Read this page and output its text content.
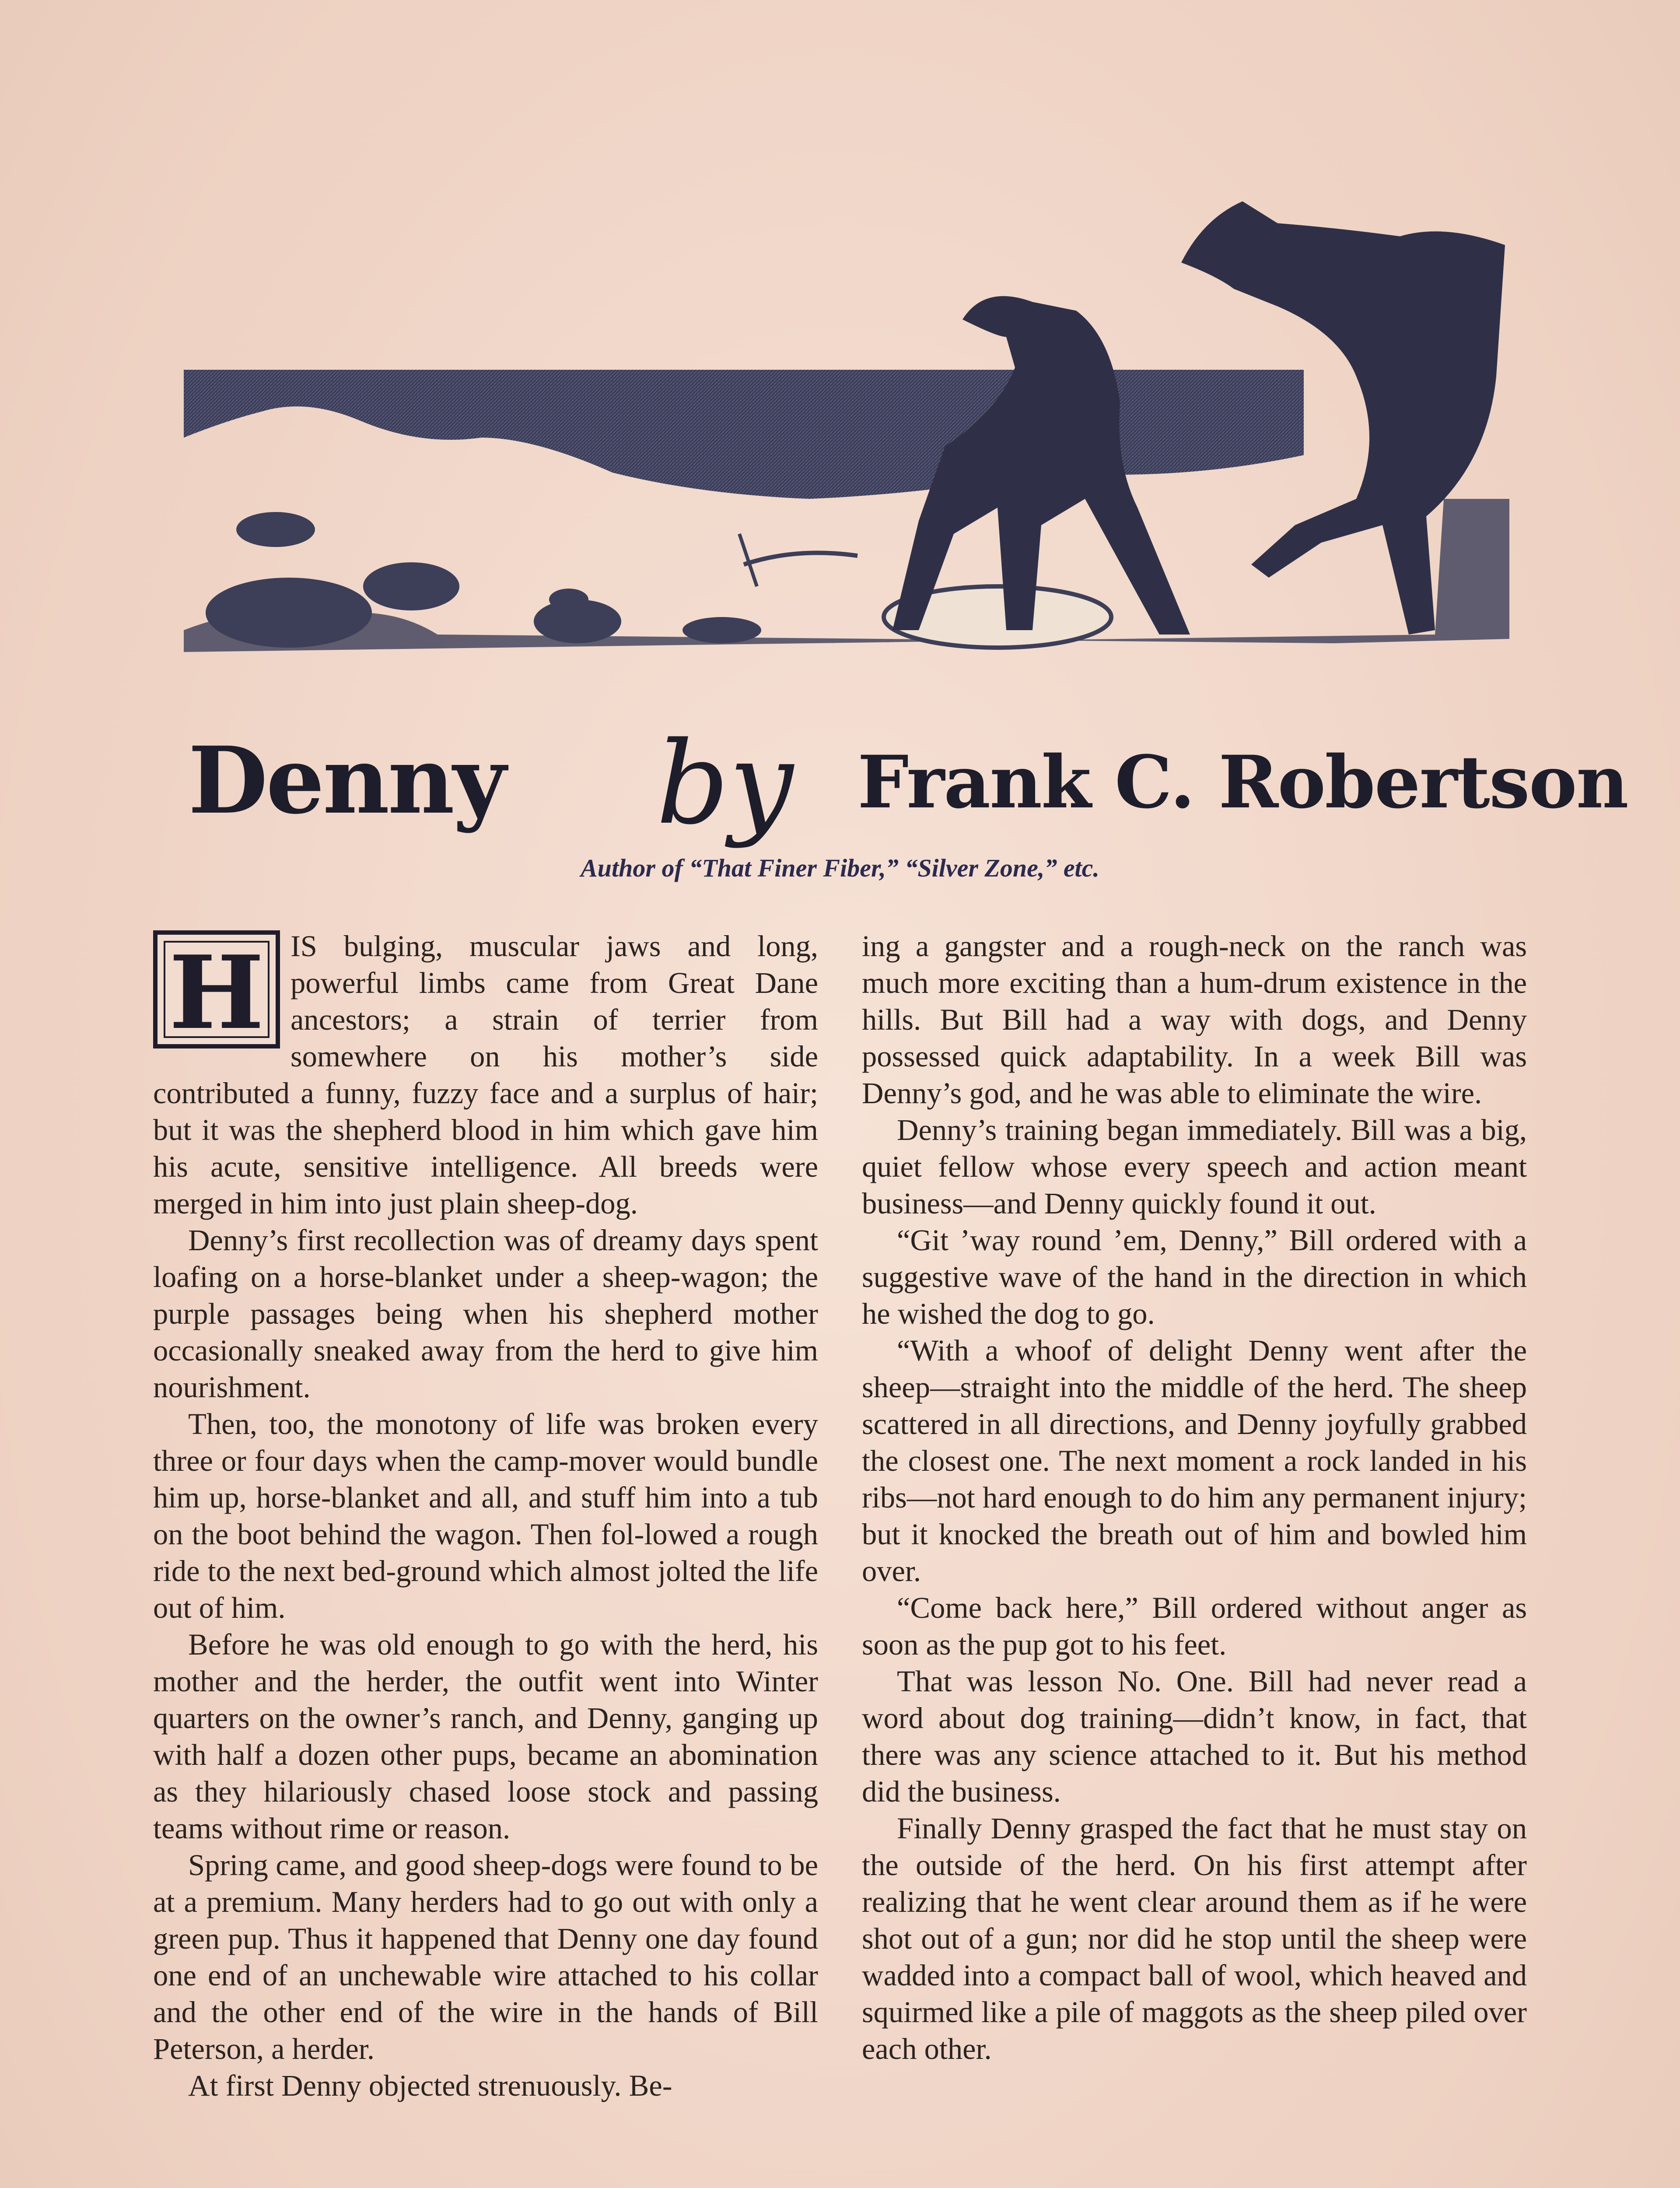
Denny by Frank C. Robertson
Author of “That Finer Fiber,” “Silver Zone,” etc.

H IS bulging, muscular jaws and long, powerful limbs came from Great Dane ancestors; a strain of terrier from somewhere on his mother’s side contributed a funny, fuzzy face and a surplus of hair; but it was the shepherd blood in him which gave him his acute, sensitive intelligence. All breeds were merged in him into just plain sheep-dog.

Denny’s first recollection was of dreamy days spent loafing on a horse-blanket under a sheep-wagon; the purple passages being when his shepherd mother occasionally sneaked away from the herd to give him nourishment.

Then, too, the monotony of life was broken every three or four days when the camp-mover would bundle him up, horse-blanket and all, and stuff him into a tub on the boot behind the wagon. Then fol-lowed a rough ride to the next bed-ground which almost jolted the life out of him.

Before he was old enough to go with the herd, his mother and the herder, the outfit went into Winter quarters on the owner’s ranch, and Denny, ganging up with half a dozen other pups, became an abomination as they hilariously chased loose stock and passing teams without rime or reason.

Spring came, and good sheep-dogs were found to be at a premium. Many herders had to go out with only a green pup. Thus it happened that Denny one day found one end of an unchewable wire attached to his collar and the other end of the wire in the hands of Bill Peterson, a herder.

At first Denny objected strenuously. Be-

ing a gangster and a rough-neck on the ranch was much more exciting than a hum-drum existence in the hills. But Bill had a way with dogs, and Denny possessed quick adaptability. In a week Bill was Denny’s god, and he was able to eliminate the wire.

Denny’s training began immediately. Bill was a big, quiet fellow whose every speech and action meant business—and Denny quickly found it out.

“Git ’way round ’em, Denny,” Bill ordered with a suggestive wave of the hand in the direction in which he wished the dog to go.

“With a whoof of delight Denny went after the sheep—straight into the middle of the herd. The sheep scattered in all directions, and Denny joyfully grabbed the closest one. The next moment a rock landed in his ribs—not hard enough to do him any permanent injury; but it knocked the breath out of him and bowled him over.

“Come back here,” Bill ordered without anger as soon as the pup got to his feet.

That was lesson No. One. Bill had never read a word about dog training—didn’t know, in fact, that there was any science attached to it. But his method did the business.

Finally Denny grasped the fact that he must stay on the outside of the herd. On his first attempt after realizing that he went clear around them as if he were shot out of a gun; nor did he stop until the sheep were wadded into a compact ball of wool, which heaved and squirmed like a pile of maggots as the sheep piled over each other.
